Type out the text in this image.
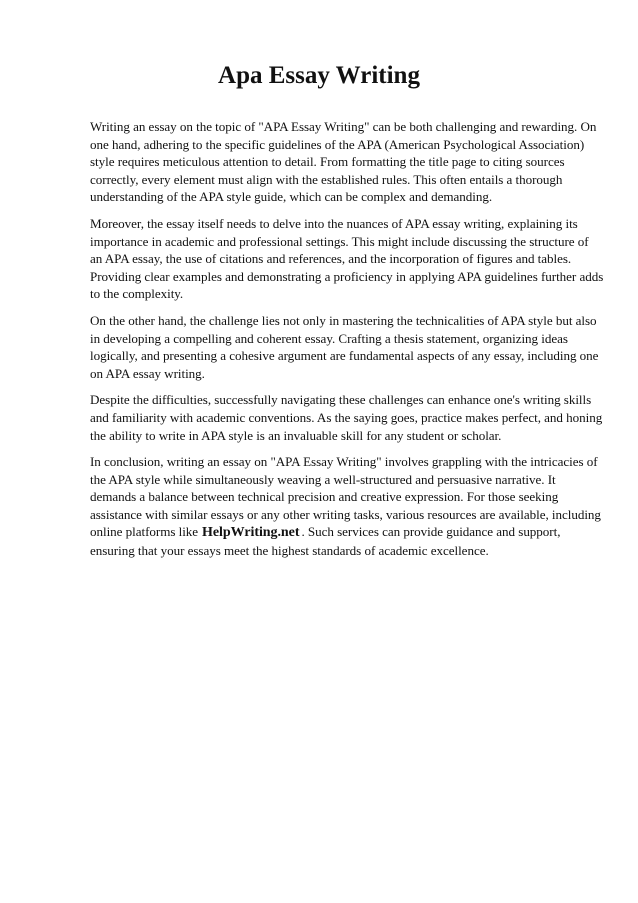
Apa Essay Writing

Writing an essay on the topic of "APA Essay Writing" can be both challenging and rewarding. On one hand, adhering to the specific guidelines of the APA (American Psychological Association) style requires meticulous attention to detail. From formatting the title page to citing sources correctly, every element must align with the established rules. This often entails a thorough understanding of the APA style guide, which can be complex and demanding.

Moreover, the essay itself needs to delve into the nuances of APA essay writing, explaining its importance in academic and professional settings. This might include discussing the structure of an APA essay, the use of citations and references, and the incorporation of figures and tables. Providing clear examples and demonstrating a proficiency in applying APA guidelines further adds to the complexity.

On the other hand, the challenge lies not only in mastering the technicalities of APA style but also in developing a compelling and coherent essay. Crafting a thesis statement, organizing ideas logically, and presenting a cohesive argument are fundamental aspects of any essay, including one on APA essay writing.

Despite the difficulties, successfully navigating these challenges can enhance one's writing skills and familiarity with academic conventions. As the saying goes, practice makes perfect, and honing the ability to write in APA style is an invaluable skill for any student or scholar.

In conclusion, writing an essay on "APA Essay Writing" involves grappling with the intricacies of the APA style while simultaneously weaving a well-structured and persuasive narrative. It demands a balance between technical precision and creative expression. For those seeking assistance with similar essays or any other writing tasks, various resources are available, including online platforms like HelpWriting.net . Such services can provide guidance and support, ensuring that your essays meet the highest standards of academic excellence.
